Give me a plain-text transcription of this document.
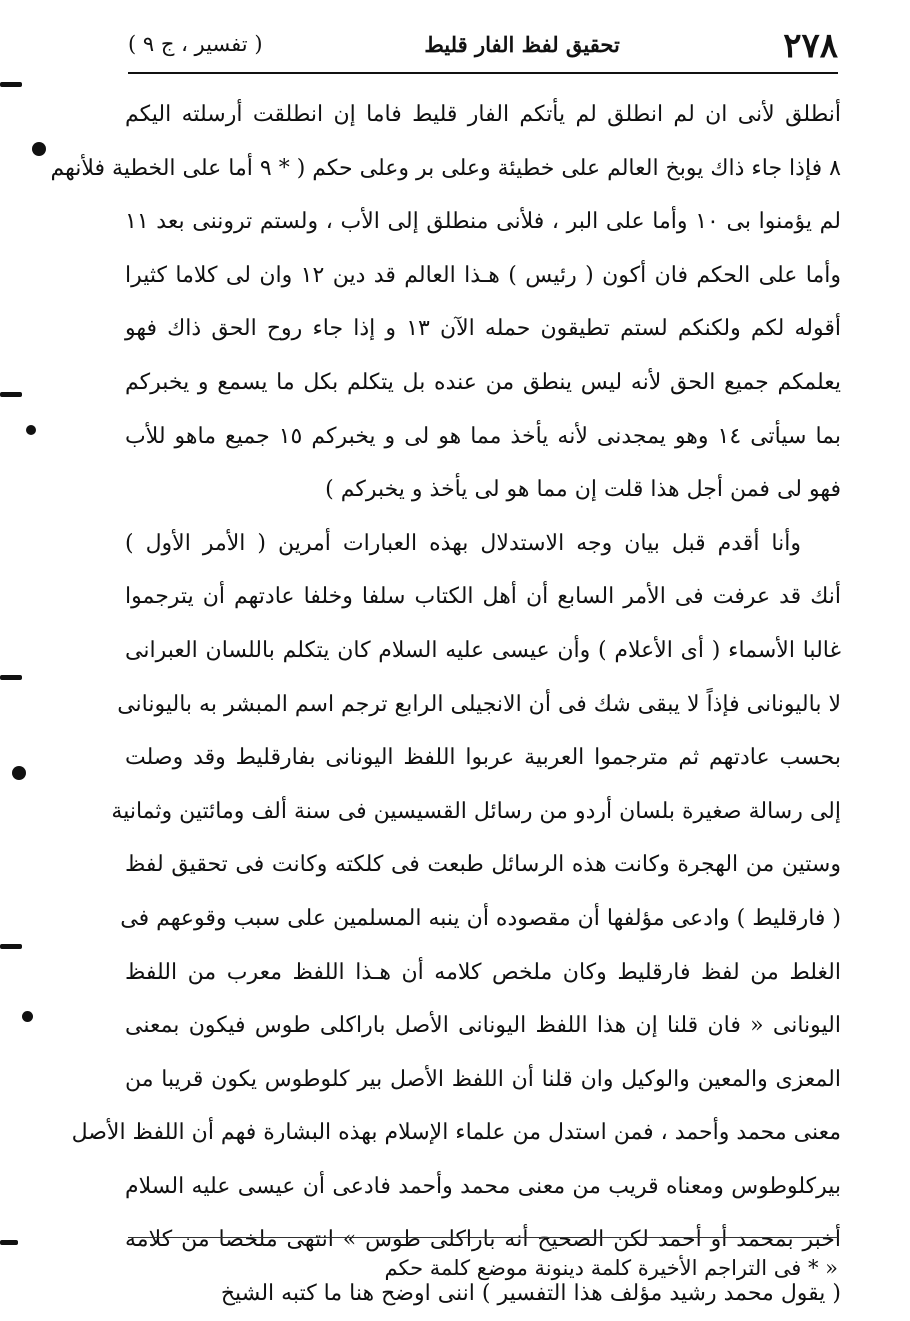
٢٧٨
تحقيق لفظ الفار قليط
( تفسير ، ج ٩ )
أنطلق لأنى ان لم انطلق لم يأتكم الفار قليط فاما إن انطلقت أرسلته اليكم
٨ فإذا جاء ذاك يوبخ العالم على خطيئة وعلى بر وعلى حكم ( * ٩ أما على الخطية فلأنهم
لم يؤمنوا بى ١٠ وأما على البر ، فلأنى منطلق إلى الأب ، ولستم تروننى بعد ١١
وأما على الحكم فان أكون ( رئيس ) هـذا العالم قد دين ١٢ وان لى كلاما كثيرا
أقوله لكم ولكنكم لستم تطيقون حمله الآن ١٣ و إذا جاء روح الحق ذاك فهو
يعلمكم جميع الحق لأنه ليس ينطق من عنده بل يتكلم بكل ما يسمع و يخبركم
بما سيأتى ١٤ وهو يمجدنى لأنه يأخذ مما هو لى و يخبركم ١٥ جميع ماهو للأب
فهو لى فمن أجل هذا قلت إن مما هو لى يأخذ و يخبركم )
وأنا أقدم قبل بيان وجه الاستدلال بهذه العبارات أمرين ( الأمر الأول )
أنك قد عرفت فى الأمر السابع أن أهل الكتاب سلفا وخلفا عادتهم أن يترجموا
غالبا الأسماء ( أى الأعلام ) وأن عيسى عليه السلام كان يتكلم باللسان العبرانى
لا باليونانى فإذاً لا يبقى شك فى أن الانجيلى الرابع ترجم اسم المبشر به باليونانى
بحسب عادتهم ثم مترجموا العربية عربوا اللفظ اليونانى بفارقليط وقد وصلت
إلى رسالة صغيرة بلسان أردو من رسائل القسيسين فى سنة ألف ومائتين وثمانية
وستين من الهجرة وكانت هذه الرسائل طبعت فى كلكته وكانت فى تحقيق لفظ
( فارقليط ) وادعى مؤلفها أن مقصوده أن ينبه المسلمين على سبب وقوعهم فى
الغلط من لفظ فارقليط وكان ملخص كلامه أن هـذا اللفظ معرب من اللفظ
اليونانى « فان قلنا إن هذا اللفظ اليونانى الأصل باراكلى طوس فيكون بمعنى
المعزى والمعين والوكيل وان قلنا أن اللفظ الأصل بير كلوطوس يكون قريبا من
معنى محمد وأحمد ، فمن استدل من علماء الإسلام بهذه البشارة فهم أن اللفظ الأصل
بيركلوطوس ومعناه قريب من معنى محمد وأحمد فادعى أن عيسى عليه السلام
أخبر بمحمد أو أحمد لكن الصحيح أنه باراكلى طوس » انتهى ملخصا من كلامه
( يقول محمد رشيد مؤلف هذا التفسير ) اننى اوضح هنا ما كتبه الشيخ
« * فى التراجم الأخيرة كلمة دينونة موضع كلمة حكم
